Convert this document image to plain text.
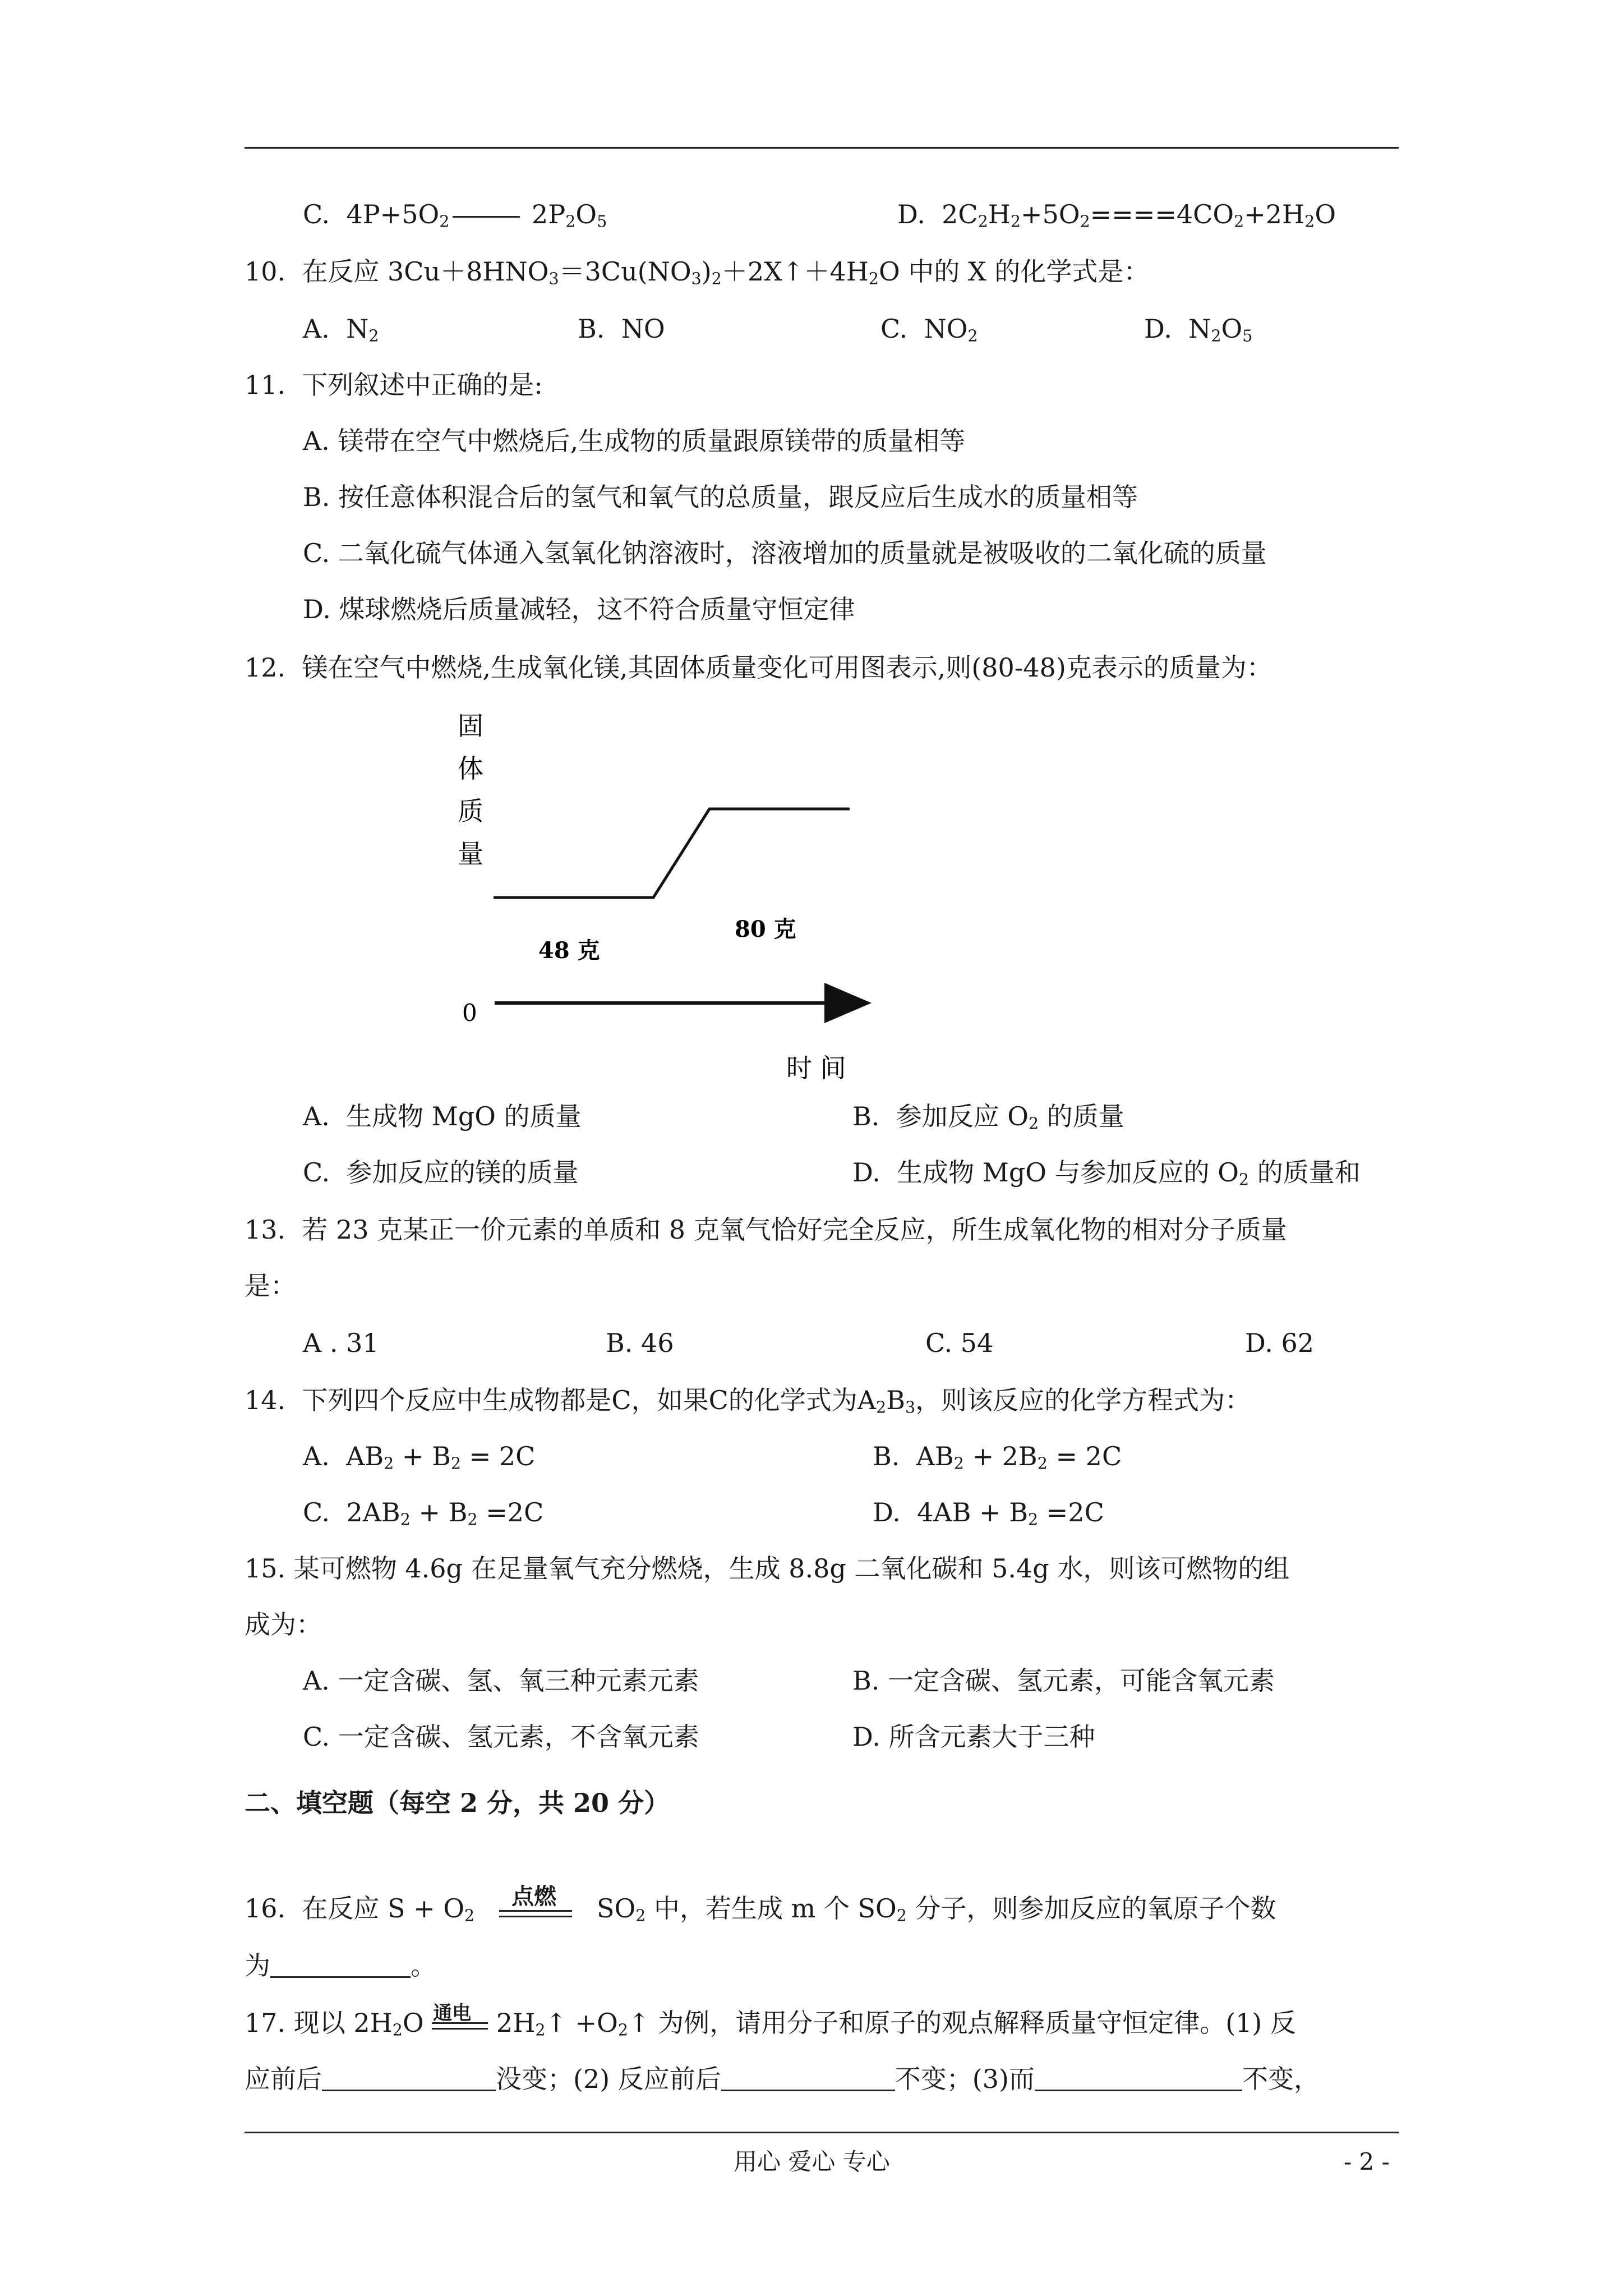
C. $4P+5O_2$	$2P_2O_5$	D. $2C_2H_2+5O_2====4CO_2+2H_2O$
10. 在反应 $3Cu+8HNO_3=3Cu(NO_3)_2+2X↑+4H_2O$ 中的 X 的化学式是：
A. $N_2$	B. NO	C. $NO_2$	D. $N_2O_5$
11. 下列叙述中正确的是:
A. 镁带在空气中燃烧后,生成物的质量跟原镁带的质量相等
B. 按任意体积混合后的氢气和氧气的总质量，跟反应后生成水的质量相等
C. 二氧化硫气体通入氢氧化钠溶液时，溶液增加的质量就是被吸收的二氧化硫的质量
D. 煤球燃烧后质量减轻，这不符合质量守恒定律
12. 镁在空气中燃烧,生成氧化镁,其固体质量变化可用图表示,则(80-48)克表示的质量为：
固
体
质
量
48 克
80 克
0
时 间
A. 生成物 MgO 的质量	B. 参加反应 $O_2$ 的质量
C. 参加反应的镁的质量	D. 生成物 MgO 与参加反应的 $O_2$ 的质量和
13. 若 23 克某正一价元素的单质和 8 克氧气恰好完全反应，所生成氧化物的相对分子质量
是：
A . 31	B. 46	C. 54	D. 62
14. 下列四个反应中生成物都是C，如果C的化学式为$A_2B_3$，则该反应的化学方程式为：
A. $AB_2 + B_2 = 2C$	B. $AB_2 + 2B_2 = 2C$
C. $2AB_2 + B_2 =2C$	D. $4AB + B_2 =2C$
15. 某可燃物 4.6g 在足量氧气充分燃烧，生成 8.8g 二氧化碳和 5.4g 水，则该可燃物的组
成为：
A. 一定含碳、氢、氧三种元素元素	B. 一定含碳、氢元素，可能含氧元素
C. 一定含碳、氢元素，不含氧元素	D. 所含元素大于三种
二、填空题（每空 2 分，共 20 分）
16. 在反应 $S + O_2$
点燃 $SO_2$ 中，若生成 m 个 $SO_2$ 分子，则参加反应的氧原子个数
为	。
17. 现以 $2H_2O$ 通电 $2H_2↑$ $+O_2↑$ 为例，请用分子和原子的观点解释质量守恒定律。(1) 反
应前后	没变；(2) 反应前后	不变；(3)而	不变，
用心 爱心 专心	- 2 -
